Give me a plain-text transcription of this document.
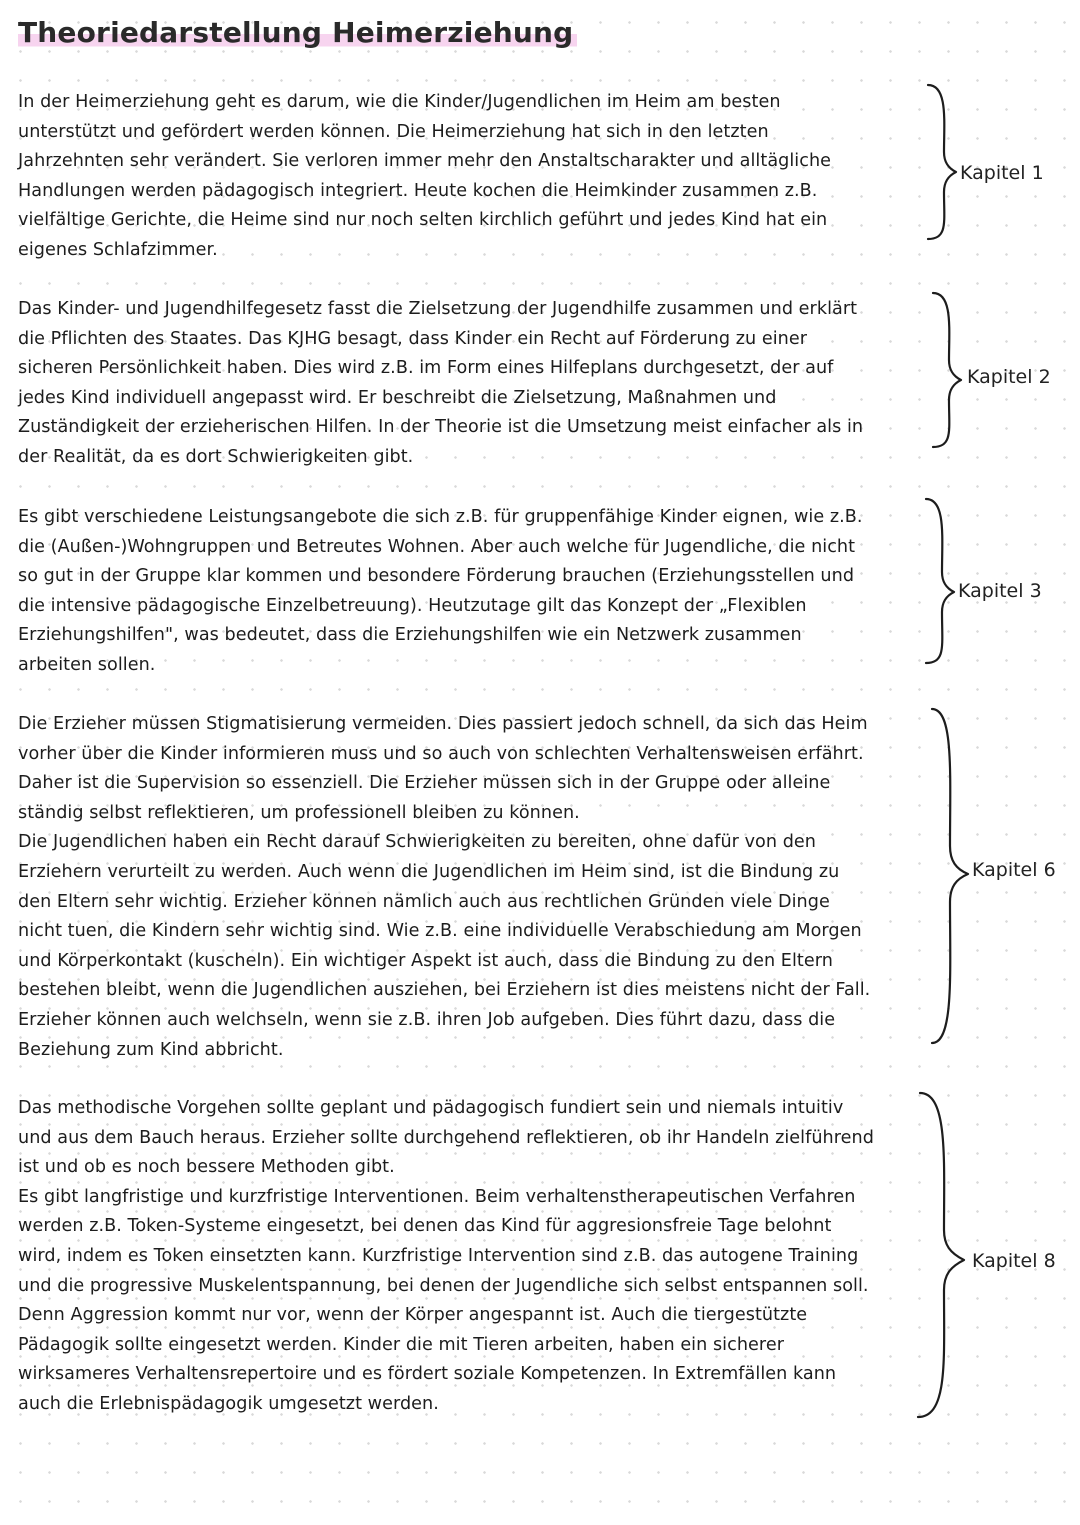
Theoriedarstellung Heimerziehung

In der Heimerziehung geht es darum, wie die Kinder/Jugendlichen im Heim am besten
unterstützt und gefördert werden können. Die Heimerziehung hat sich in den letzten
Jahrzehnten sehr verändert. Sie verloren immer mehr den Anstaltscharakter und alltägliche
Handlungen werden pädagogisch integriert. Heute kochen die Heimkinder zusammen z.B.
vielfältige Gerichte, die Heime sind nur noch selten kirchlich geführt und jedes Kind hat ein
eigenes Schlafzimmer.

Kapitel 1

Das Kinder- und Jugendhilfegesetz fasst die Zielsetzung der Jugendhilfe zusammen und erklärt
die Pflichten des Staates. Das KJHG besagt, dass Kinder ein Recht auf Förderung zu einer
sicheren Persönlichkeit haben. Dies wird z.B. im Form eines Hilfeplans durchgesetzt, der auf
jedes Kind individuell angepasst wird. Er beschreibt die Zielsetzung, Maßnahmen und
Zuständigkeit der erzieherischen Hilfen. In der Theorie ist die Umsetzung meist einfacher als in
der Realität, da es dort Schwierigkeiten gibt.

Kapitel 2

Es gibt verschiedene Leistungsangebote die sich z.B. für gruppenfähige Kinder eignen, wie z.B.
die (Außen-)Wohngruppen und Betreutes Wohnen. Aber auch welche für Jugendliche, die nicht
so gut in der Gruppe klar kommen und besondere Förderung brauchen (Erziehungsstellen und
die intensive pädagogische Einzelbetreuung). Heutzutage gilt das Konzept der „Flexiblen
Erziehungshilfen", was bedeutet, dass die Erziehungshilfen wie ein Netzwerk zusammen
arbeiten sollen.

Kapitel 3

Die Erzieher müssen Stigmatisierung vermeiden. Dies passiert jedoch schnell, da sich das Heim
vorher über die Kinder informieren muss und so auch von schlechten Verhaltensweisen erfährt.
Daher ist die Supervision so essenziell. Die Erzieher müssen sich in der Gruppe oder alleine
ständig selbst reflektieren, um professionell bleiben zu können.
Die Jugendlichen haben ein Recht darauf Schwierigkeiten zu bereiten, ohne dafür von den
Erziehern verurteilt zu werden. Auch wenn die Jugendlichen im Heim sind, ist die Bindung zu
den Eltern sehr wichtig. Erzieher können nämlich auch aus rechtlichen Gründen viele Dinge
nicht tuen, die Kindern sehr wichtig sind. Wie z.B. eine individuelle Verabschiedung am Morgen
und Körperkontakt (kuscheln). Ein wichtiger Aspekt ist auch, dass die Bindung zu den Eltern
bestehen bleibt, wenn die Jugendlichen ausziehen, bei Erziehern ist dies meistens nicht der Fall.
Erzieher können auch welchseln, wenn sie z.B. ihren Job aufgeben. Dies führt dazu, dass die
Beziehung zum Kind abbricht.

Kapitel 6

Das methodische Vorgehen sollte geplant und pädagogisch fundiert sein und niemals intuitiv
und aus dem Bauch heraus. Erzieher sollte durchgehend reflektieren, ob ihr Handeln zielführend
ist und ob es noch bessere Methoden gibt.
Es gibt langfristige und kurzfristige Interventionen. Beim verhaltenstherapeutischen Verfahren
werden z.B. Token-Systeme eingesetzt, bei denen das Kind für aggresionsfreie Tage belohnt
wird, indem es Token einsetzten kann. Kurzfristige Intervention sind z.B. das autogene Training
und die progressive Muskelentspannung, bei denen der Jugendliche sich selbst entspannen soll.
Denn Aggression kommt nur vor, wenn der Körper angespannt ist. Auch die tiergestützte
Pädagogik sollte eingesetzt werden. Kinder die mit Tieren arbeiten, haben ein sicherer
wirksameres Verhaltensrepertoire und es fördert soziale Kompetenzen. In Extremfällen kann
auch die Erlebnispädagogik umgesetzt werden.

Kapitel 8
